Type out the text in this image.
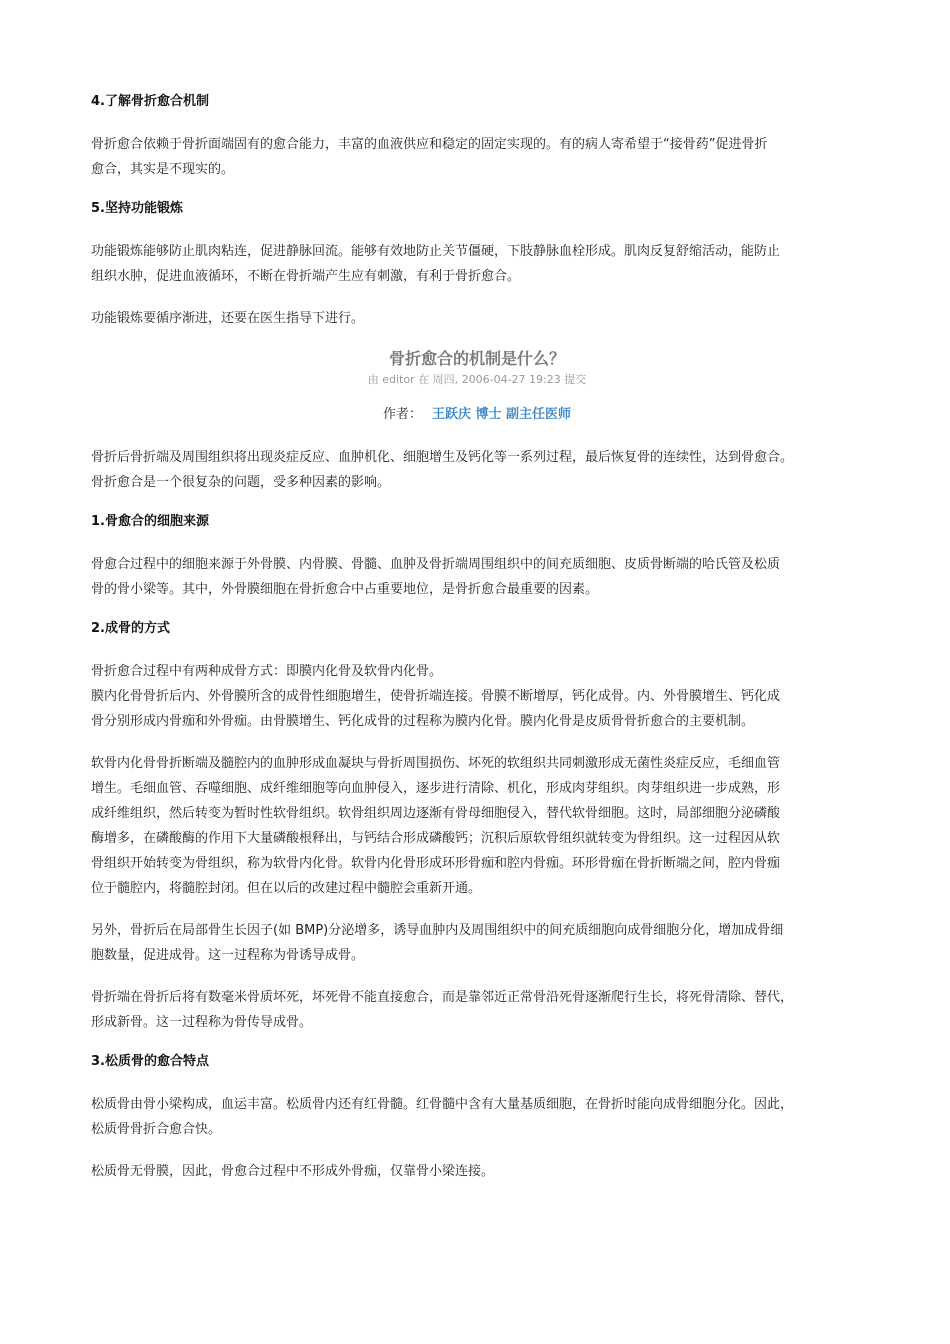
4.了解骨折愈合机制
骨折愈合依赖于骨折面端固有的愈合能力，丰富的血液供应和稳定的固定实现的。有的病人寄希望于“接骨药”促进骨折
愈合，其实是不现实的。
5.坚持功能锻炼
功能锻炼能够防止肌肉粘连，促进静脉回流。能够有效地防止关节僵硬，下肢静脉血栓形成。肌肉反复舒缩活动，能防止
组织水肿，促进血液循环，不断在骨折端产生应有刺激，有利于骨折愈合。
功能锻炼要循序渐进，还要在医生指导下进行。
骨折愈合的机制是什么？
由 editor 在 周四, 2006-04-27 19:23 提交
作者： 王跃庆 博士 副主任医师
骨折后骨折端及周围组织将出现炎症反应、血肿机化、细胞增生及钙化等一系列过程，最后恢复骨的连续性，达到骨愈合。
骨折愈合是一个很复杂的问题，受多种因素的影响。
1.骨愈合的细胞来源
骨愈合过程中的细胞来源于外骨膜、内骨膜、骨髓、血肿及骨折端周围组织中的间充质细胞、皮质骨断端的哈氏管及松质
骨的骨小梁等。其中，外骨膜细胞在骨折愈合中占重要地位，是骨折愈合最重要的因素。
2.成骨的方式
骨折愈合过程中有两种成骨方式：即膜内化骨及软骨内化骨。
膜内化骨骨折后内、外骨膜所含的成骨性细胞增生，使骨折端连接。骨膜不断增厚，钙化成骨。内、外骨膜增生、钙化成
骨分别形成内骨痂和外骨痂。由骨膜增生、钙化成骨的过程称为膜内化骨。膜内化骨是皮质骨骨折愈合的主要机制。
软骨内化骨骨折断端及髓腔内的血肿形成血凝块与骨折周围损伤、坏死的软组织共同刺激形成无菌性炎症反应，毛细血管
增生。毛细血管、吞噬细胞、成纤维细胞等向血肿侵入，逐步进行清除、机化，形成肉芽组织。肉芽组织进一步成熟，形
成纤维组织，然后转变为暂时性软骨组织。软骨组织周边逐渐有骨母细胞侵入，替代软骨细胞。这时，局部细胞分泌磷酸
酶增多，在磷酸酶的作用下大量磷酸根释出，与钙结合形成磷酸钙；沉积后原软骨组织就转变为骨组织。这一过程因从软
骨组织开始转变为骨组织，称为软骨内化骨。软骨内化骨形成环形骨痂和腔内骨痂。环形骨痂在骨折断端之间，腔内骨痂
位于髓腔内，将髓腔封闭。但在以后的改建过程中髓腔会重新开通。
另外，骨折后在局部骨生长因子(如 BMP)分泌增多，诱导血肿内及周围组织中的间充质细胞向成骨细胞分化，增加成骨细
胞数量，促进成骨。这一过程称为骨诱导成骨。
骨折端在骨折后将有数毫米骨质坏死，坏死骨不能直接愈合，而是靠邻近正常骨沿死骨逐渐爬行生长，将死骨清除、替代，
形成新骨。这一过程称为骨传导成骨。
3.松质骨的愈合特点
松质骨由骨小梁构成，血运丰富。松质骨内还有红骨髓。红骨髓中含有大量基质细胞，在骨折时能向成骨细胞分化。因此，
松质骨骨折合愈合快。
松质骨无骨膜，因此，骨愈合过程中不形成外骨痂，仅靠骨小梁连接。
